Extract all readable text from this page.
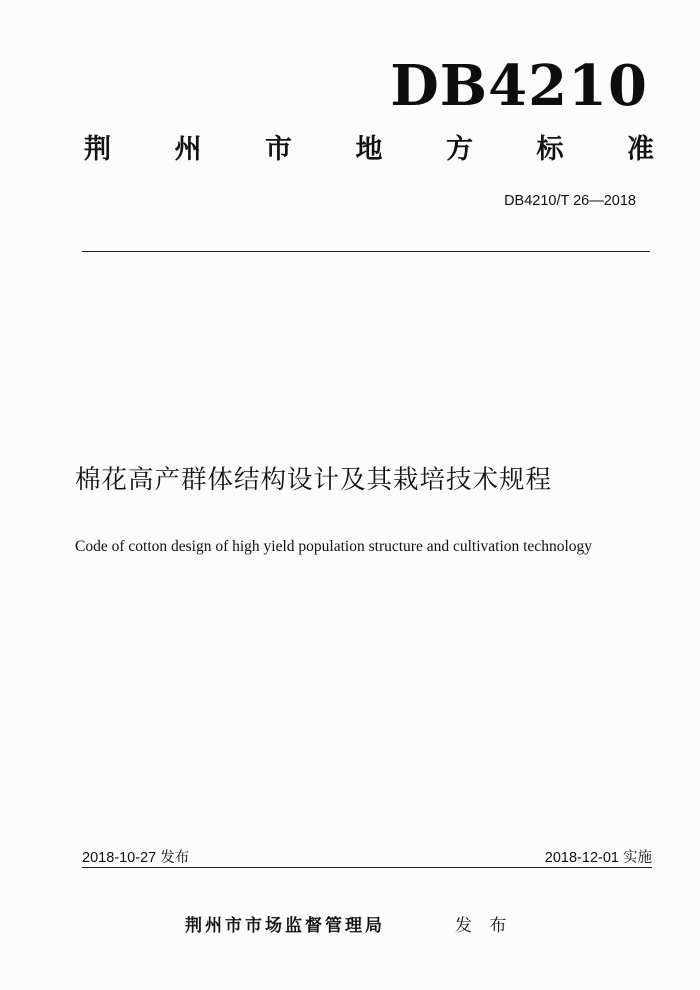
DB4210
荆 州 市 地 方 标 准
DB4210/T 26—2018
棉花高产群体结构设计及其栽培技术规程
Code of cotton design of high yield population structure and cultivation technology
2018-10-27 发布	2018-12-01 实施
荆州市市场监督管理局	发 布
